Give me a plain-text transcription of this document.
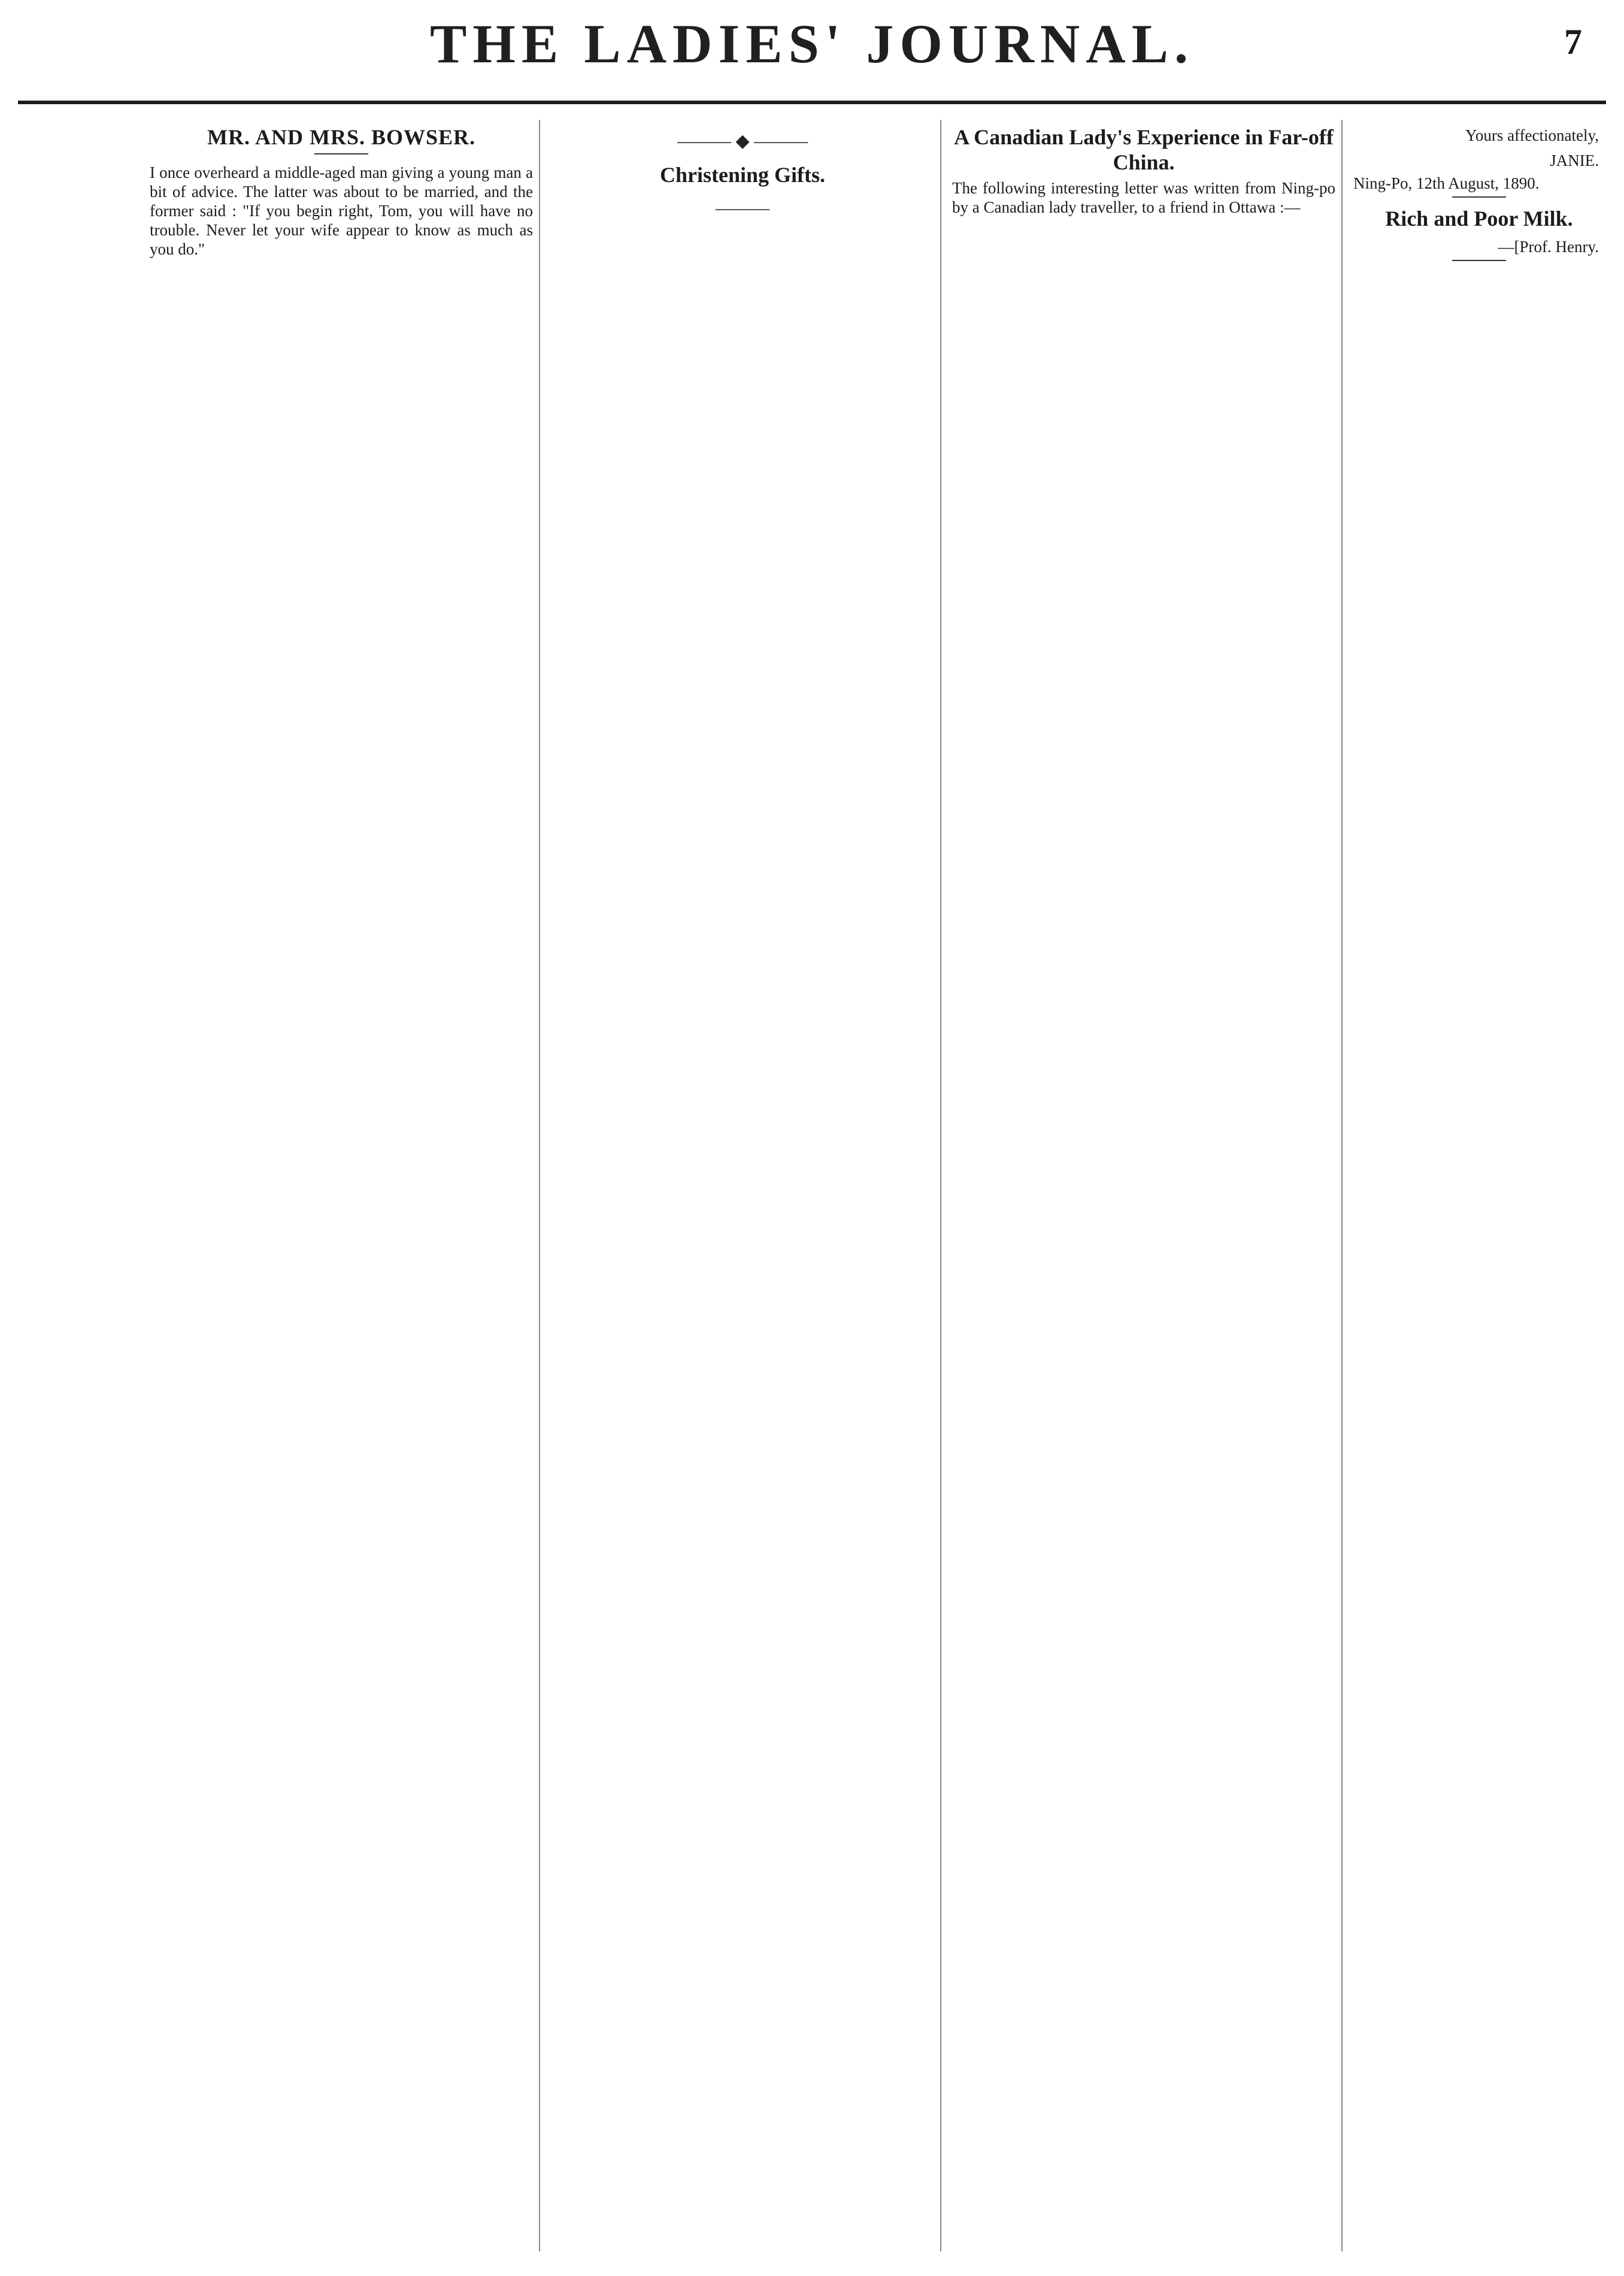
THE LADIES' JOURNAL.	7
MR. AND MRS. BOWSER.

I once overheard a middle-aged man giving a young man a bit of advice. The latter was about to be married, and the former said : "If you begin right, Tom, you will have no trouble. Never let your wife appear to know as much as you do."

——— ◆ ———
Christening Gifts.

———

A Canadian Lady's Experience in Far-off China.

The following interesting letter was written from Ning-po by a Canadian lady traveller, to a friend in Ottawa :—

Yours affectionately,
JANIE.
Ning-Po, 12th August, 1890.
Rich and Poor Milk.

—[Prof. Henry.
